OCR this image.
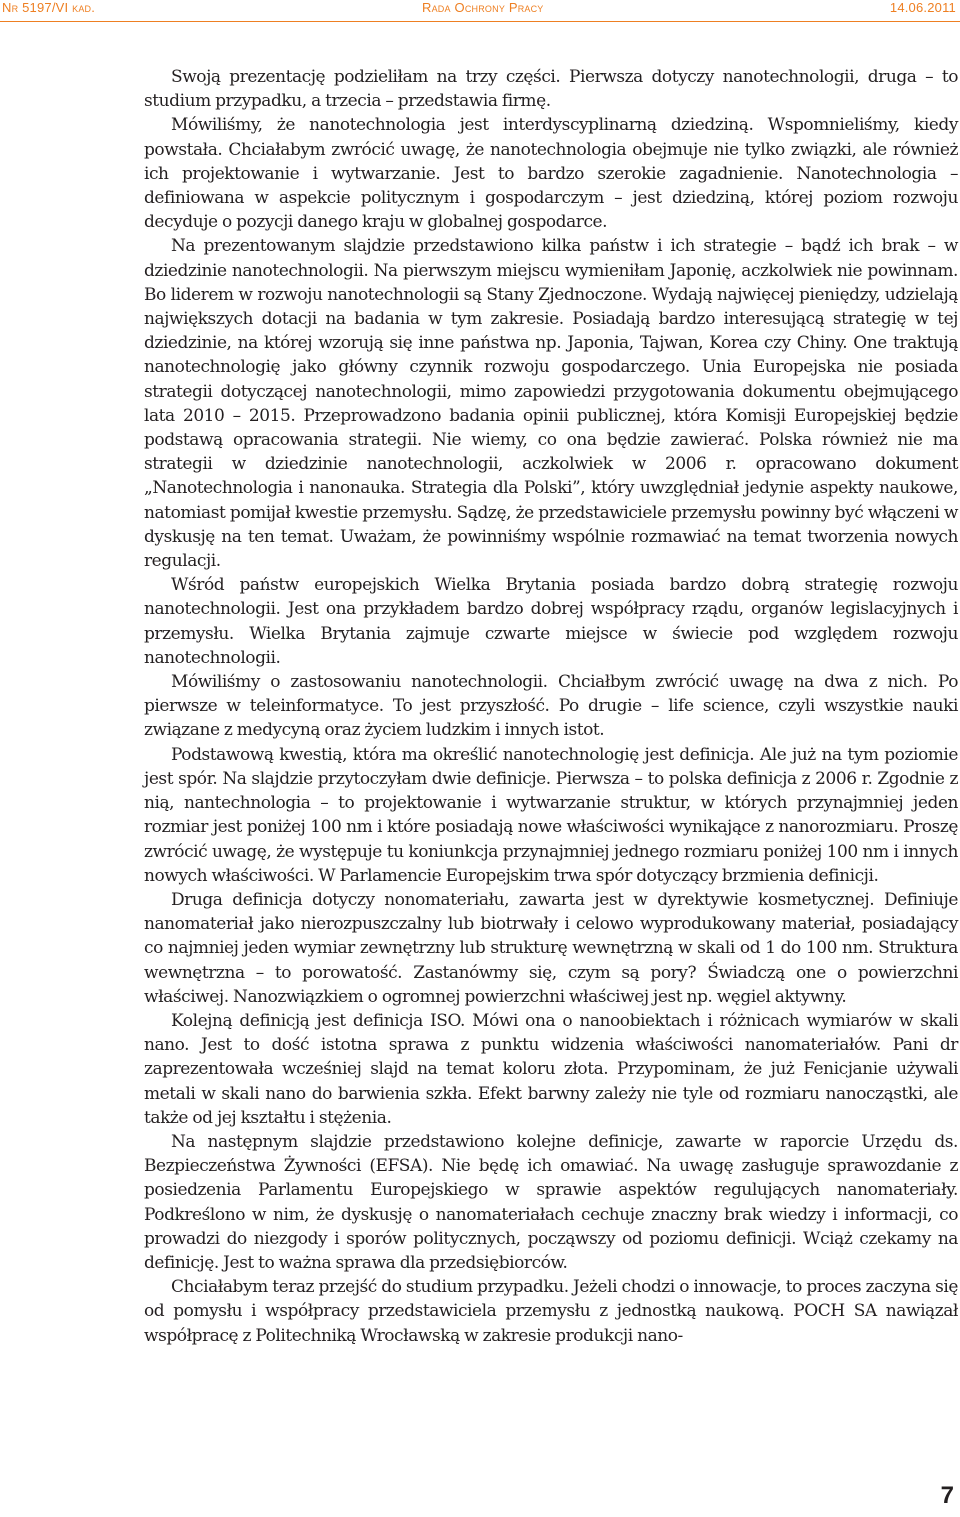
Nr 5197/VI kad.	Rada Ochrony Pracy	14.06.2011

Swoją prezentację podzieliłam na trzy części. Pierwsza dotyczy nanotechnologii, druga – to studium przypadku, a trzecia – przedstawia firmę.

Mówiliśmy, że nanotechnologia jest interdyscyplinarną dziedziną. Wspomnieliśmy, kiedy powstała. Chciałabym zwrócić uwagę, że nanotechnologia obejmuje nie tylko związki, ale również ich projektowanie i wytwarzanie. Jest to bardzo szerokie zagadnienie. Nanotechnologia – definiowana w aspekcie politycznym i gospodarczym – jest dziedziną, której poziom rozwoju decyduje o pozycji danego kraju w globalnej gospodarce.

Na prezentowanym slajdzie przedstawiono kilka państw i ich strategie – bądź ich brak – w dziedzinie nanotechnologii. Na pierwszym miejscu wymieniłam Japonię, aczkolwiek nie powinnam. Bo liderem w rozwoju nanotechnologii są Stany Zjednoczone. Wydają najwięcej pieniędzy, udzielają największych dotacji na badania w tym zakresie. Posiadają bardzo interesującą strategię w tej dziedzinie, na której wzorują się inne państwa np. Japonia, Tajwan, Korea czy Chiny. One traktują nanotechnologię jako główny czynnik rozwoju gospodarczego. Unia Europejska nie posiada strategii dotyczącej nanotechnologii, mimo zapowiedzi przygotowania dokumentu obejmującego lata 2010 – 2015. Przeprowadzono badania opinii publicznej, która Komisji Europejskiej będzie podstawą opracowania strategii. Nie wiemy, co ona będzie zawierać. Polska również nie ma strategii w dziedzinie nanotechnologii, aczkolwiek w 2006 r. opracowano dokument „Nanotechnologia i nanonauka. Strategia dla Polski”, który uwzględniał jedynie aspekty naukowe, natomiast pomijał kwestie przemysłu. Sądzę, że przedstawiciele przemysłu powinny być włączeni w dyskusję na ten temat. Uważam, że powinniśmy wspólnie rozmawiać na temat tworzenia nowych regulacji.

Wśród państw europejskich Wielka Brytania posiada bardzo dobrą strategię rozwoju nanotechnologii. Jest ona przykładem bardzo dobrej współpracy rządu, organów legislacyjnych i przemysłu. Wielka Brytania zajmuje czwarte miejsce w świecie pod względem rozwoju nanotechnologii.

Mówiliśmy o zastosowaniu nanotechnologii. Chciałbym zwrócić uwagę na dwa z nich. Po pierwsze w teleinformatyce. To jest przyszłość. Po drugie – life science, czyli wszystkie nauki związane z medycyną oraz życiem ludzkim i innych istot.

Podstawową kwestią, która ma określić nanotechnologię jest definicja. Ale już na tym poziomie jest spór. Na slajdzie przytoczyłam dwie definicje. Pierwsza – to polska definicja z 2006 r. Zgodnie z nią, nantechnologia – to projektowanie i wytwarzanie struktur, w których przynajmniej jeden rozmiar jest poniżej 100 nm i które posiadają nowe właściwości wynikające z nanorozmiaru. Proszę zwrócić uwagę, że występuje tu koniunkcja przynajmniej jednego rozmiaru poniżej 100 nm i innych nowych właściwości. W Parlamencie Europejskim trwa spór dotyczący brzmienia definicji.

Druga definicja dotyczy nonomateriału, zawarta jest w dyrektywie kosmetycznej. Definiuje nanomateriał jako nierozpuszczalny lub biotrwały i celowo wyprodukowany materiał, posiadający co najmniej jeden wymiar zewnętrzny lub strukturę wewnętrzną w skali od 1 do 100 nm. Struktura wewnętrzna – to porowatość. Zastanówmy się, czym są pory? Świadczą one o powierzchni właściwej. Nanozwiązkiem o ogromnej powierzchni właściwej jest np. węgiel aktywny.

Kolejną definicją jest definicja ISO. Mówi ona o nanoobiektach i różnicach wymiarów w skali nano. Jest to dość istotna sprawa z punktu widzenia właściwości nanomateriałów. Pani dr zaprezentowała wcześniej slajd na temat koloru złota. Przypominam, że już Fenicjanie używali metali w skali nano do barwienia szkła. Efekt barwny zależy nie tyle od rozmiaru nanocząstki, ale także od jej kształtu i stężenia.

Na następnym slajdzie przedstawiono kolejne definicje, zawarte w raporcie Urzędu ds. Bezpieczeństwa Żywności (EFSA). Nie będę ich omawiać. Na uwagę zasługuje sprawozdanie z posiedzenia Parlamentu Europejskiego w sprawie aspektów regulujących nanomateriały. Podkreślono w nim, że dyskusję o nanomateriałach cechuje znaczny brak wiedzy i informacji, co prowadzi do niezgody i sporów politycznych, począwszy od poziomu definicji. Wciąż czekamy na definicję. Jest to ważna sprawa dla przedsiębiorców.

Chciałabym teraz przejść do studium przypadku. Jeżeli chodzi o innowacje, to proces zaczyna się od pomysłu i współpracy przedstawiciela przemysłu z jednostką naukową. POCH SA nawiązał współpracę z Politechniką Wrocławską w zakresie produkcji nano-

7
